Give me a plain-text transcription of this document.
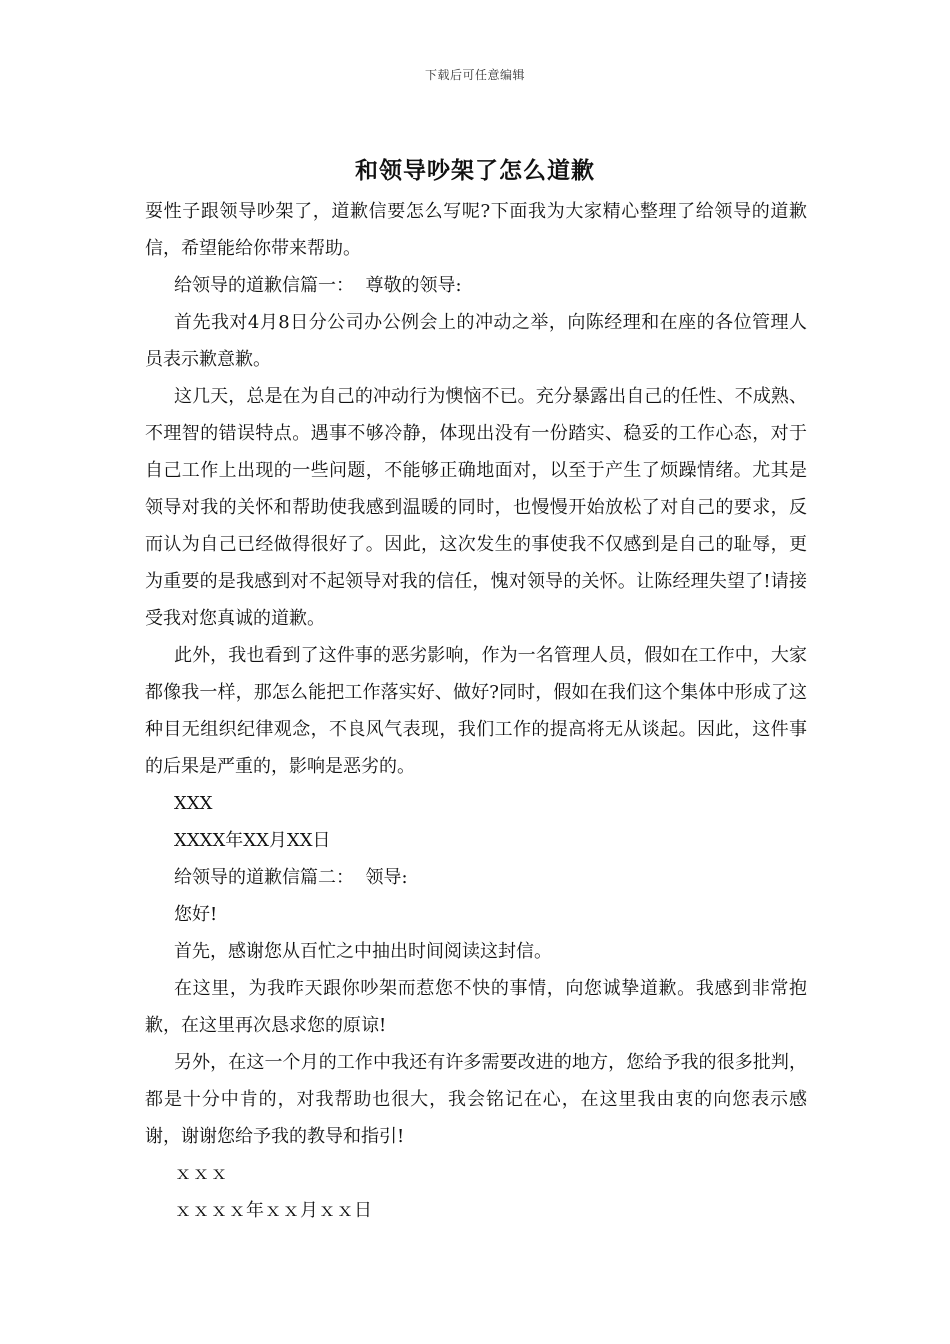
下载后可任意编辑
和领导吵架了怎么道歉

耍性子跟领导吵架了，道歉信要怎么写呢?下面我为大家精心整理了给领导的道歉信，希望能给你带来帮助。

给领导的道歉信篇一：  尊敬的领导:

首先我对4月8日分公司办公例会上的冲动之举，向陈经理和在座的各位管理人员表示歉意歉。

这几天，总是在为自己的冲动行为懊恼不已。充分暴露出自己的任性、不成熟、不理智的错误特点。遇事不够冷静，体现出没有一份踏实、稳妥的工作心态，对于自己工作上出现的一些问题，不能够正确地面对，以至于产生了烦躁情绪。尤其是领导对我的关怀和帮助使我感到温暖的同时，也慢慢开始放松了对自己的要求，反而认为自己已经做得很好了。因此，这次发生的事使我不仅感到是自己的耻辱，更为重要的是我感到对不起领导对我的信任，愧对领导的关怀。让陈经理失望了!请接受我对您真诚的道歉。

此外，我也看到了这件事的恶劣影响，作为一名管理人员，假如在工作中，大家都像我一样，那怎么能把工作落实好、做好?同时，假如在我们这个集体中形成了这种目无组织纪律观念，不良风气表现，我们工作的提高将无从谈起。因此，这件事的后果是严重的，影响是恶劣的。

XXX

XXXX年XX月XX日

给领导的道歉信篇二：  领导:

您好!

首先，感谢您从百忙之中抽出时间阅读这封信。

在这里，为我昨天跟你吵架而惹您不快的事情，向您诚挚道歉。我感到非常抱歉，在这里再次恳求您的原谅!

另外，在这一个月的工作中我还有许多需要改进的地方，您给予我的很多批判，都是十分中肯的，对我帮助也很大，我会铭记在心，在这里我由衷的向您表示感谢，谢谢您给予我的教导和指引!

ｘｘｘ

ｘｘｘｘ年ｘｘ月ｘｘ日
